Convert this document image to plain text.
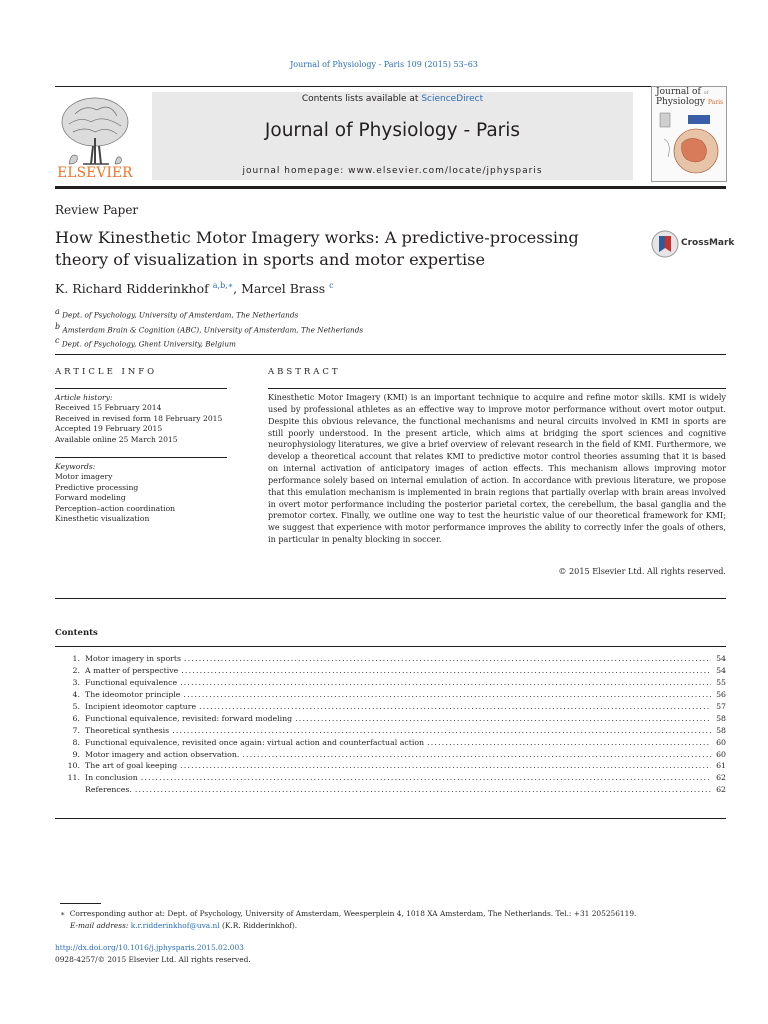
Journal of Physiology - Paris 109 (2015) 53–63
ELSEVIER
Contents lists available at ScienceDirect
Journal of Physiology - Paris
journal homepage: www.elsevier.com/locate/jphysparis
Journal of of
Physiology Paris
Review Paper
How Kinesthetic Motor Imagery works: A predictive-processing theory of visualization in sports and motor expertise
CrossMark
K. Richard Ridderinkhof $^{a,b,∗}$, Marcel Brass $^c$
$^a$ Dept. of Psychology, University of Amsterdam, The Netherlands
$^b$ Amsterdam Brain & Cognition (ABC), University of Amsterdam, The Netherlands
$^c$ Dept. of Psychology, Ghent University, Belgium
ARTICLE INFO
Article history:
Received 15 February 2014
Received in revised form 18 February 2015
Accepted 19 February 2015
Available online 25 March 2015
Keywords:
Motor imagery
Predictive processing
Forward modeling
Perception–action coordination
Kinesthetic visualization
ABSTRACT
Kinesthetic Motor Imagery (KMI) is an important technique to acquire and refine motor skills. KMI is widely used by professional athletes as an effective way to improve motor performance without overt motor output. Despite this obvious relevance, the functional mechanisms and neural circuits involved in KMI in sports are still poorly understood. In the present article, which aims at bridging the sport sciences and cognitive neurophysiology literatures, we give a brief overview of relevant research in the field of KMI. Furthermore, we develop a theoretical account that relates KMI to predictive motor control theories assuming that it is based on internal activation of anticipatory images of action effects. This mechanism allows improving motor performance solely based on internal emulation of action. In accordance with previous literature, we propose that this emulation mechanism is implemented in brain regions that partially overlap with brain areas involved in overt motor performance including the posterior parietal cortex, the cerebellum, the basal ganglia and the premotor cortex. Finally, we outline one way to test the heuristic value of our theoretical framework for KMI; we suggest that experience with motor performance improves the ability to correctly infer the goals of others, in particular in penalty blocking in soccer.
© 2015 Elsevier Ltd. All rights reserved.
Contents
1. Motor imagery in sports .....	54
2. A matter of perspective .....	54
3. Functional equivalence .....	55
4. The ideomotor principle .....	56
5. Incipient ideomotor capture .....	57
6. Functional equivalence, revisited: forward modeling .....	58
7. Theoretical synthesis .....	58
8. Functional equivalence, revisited once again: virtual action and counterfactual action .....	60
9. Motor imagery and action observation. .....	60
10. The art of goal keeping .....	61
11. In conclusion .....	62
References. .....	62
∗ Corresponding author at: Dept. of Psychology, University of Amsterdam, Weesperplein 4, 1018 XA Amsterdam, The Netherlands. Tel.: +31 205256119.
E-mail address: k.r.ridderinkhof@uva.nl (K.R. Ridderinkhof).
http://dx.doi.org/10.1016/j.jphysparis.2015.02.003
0928-4257/© 2015 Elsevier Ltd. All rights reserved.
